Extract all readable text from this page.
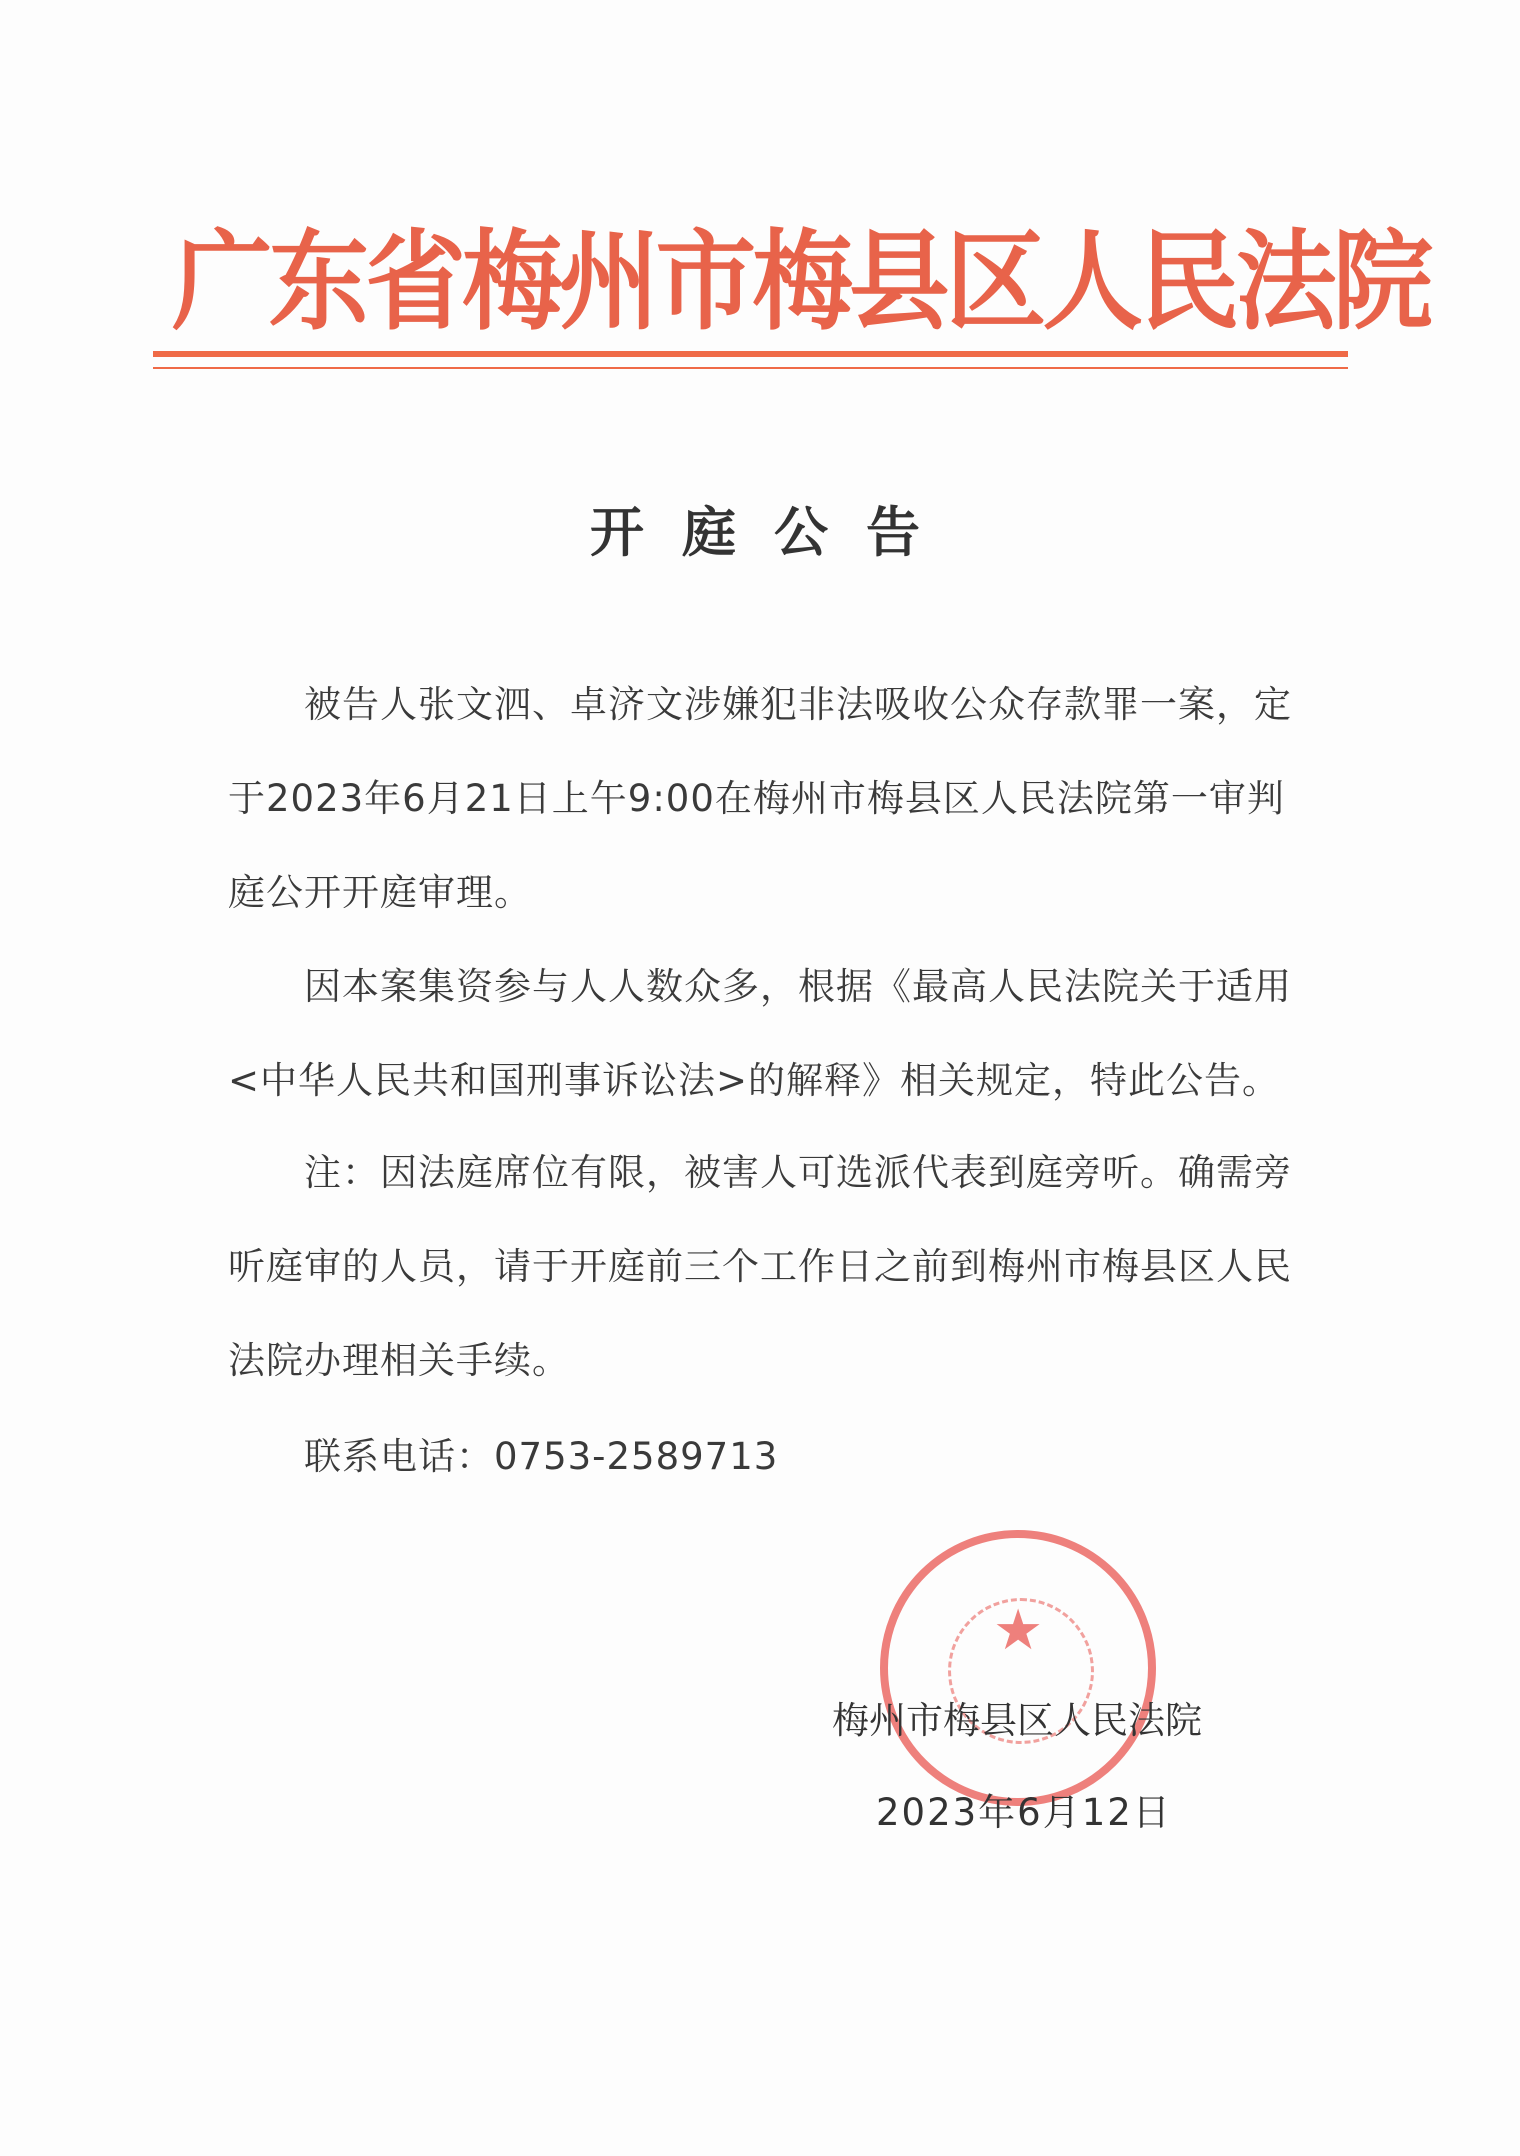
广东省梅州市梅县区人民法院
开庭公告
被告人张文泗、卓济文涉嫌犯非法吸收公众存款罪一案，定于2023年6月21日上午9:00在梅州市梅县区人民法院第一审判庭公开开庭审理。
因本案集资参与人人数众多，根据《最高人民法院关于适用<中华人民共和国刑事诉讼法>的解释》相关规定，特此公告。
注：因法庭席位有限，被害人可选派代表到庭旁听。确需旁听庭审的人员，请于开庭前三个工作日之前到梅州市梅县区人民法院办理相关手续。
联系电话：0753-2589713
★
梅州市梅县区人民法院
2023年6月12日
